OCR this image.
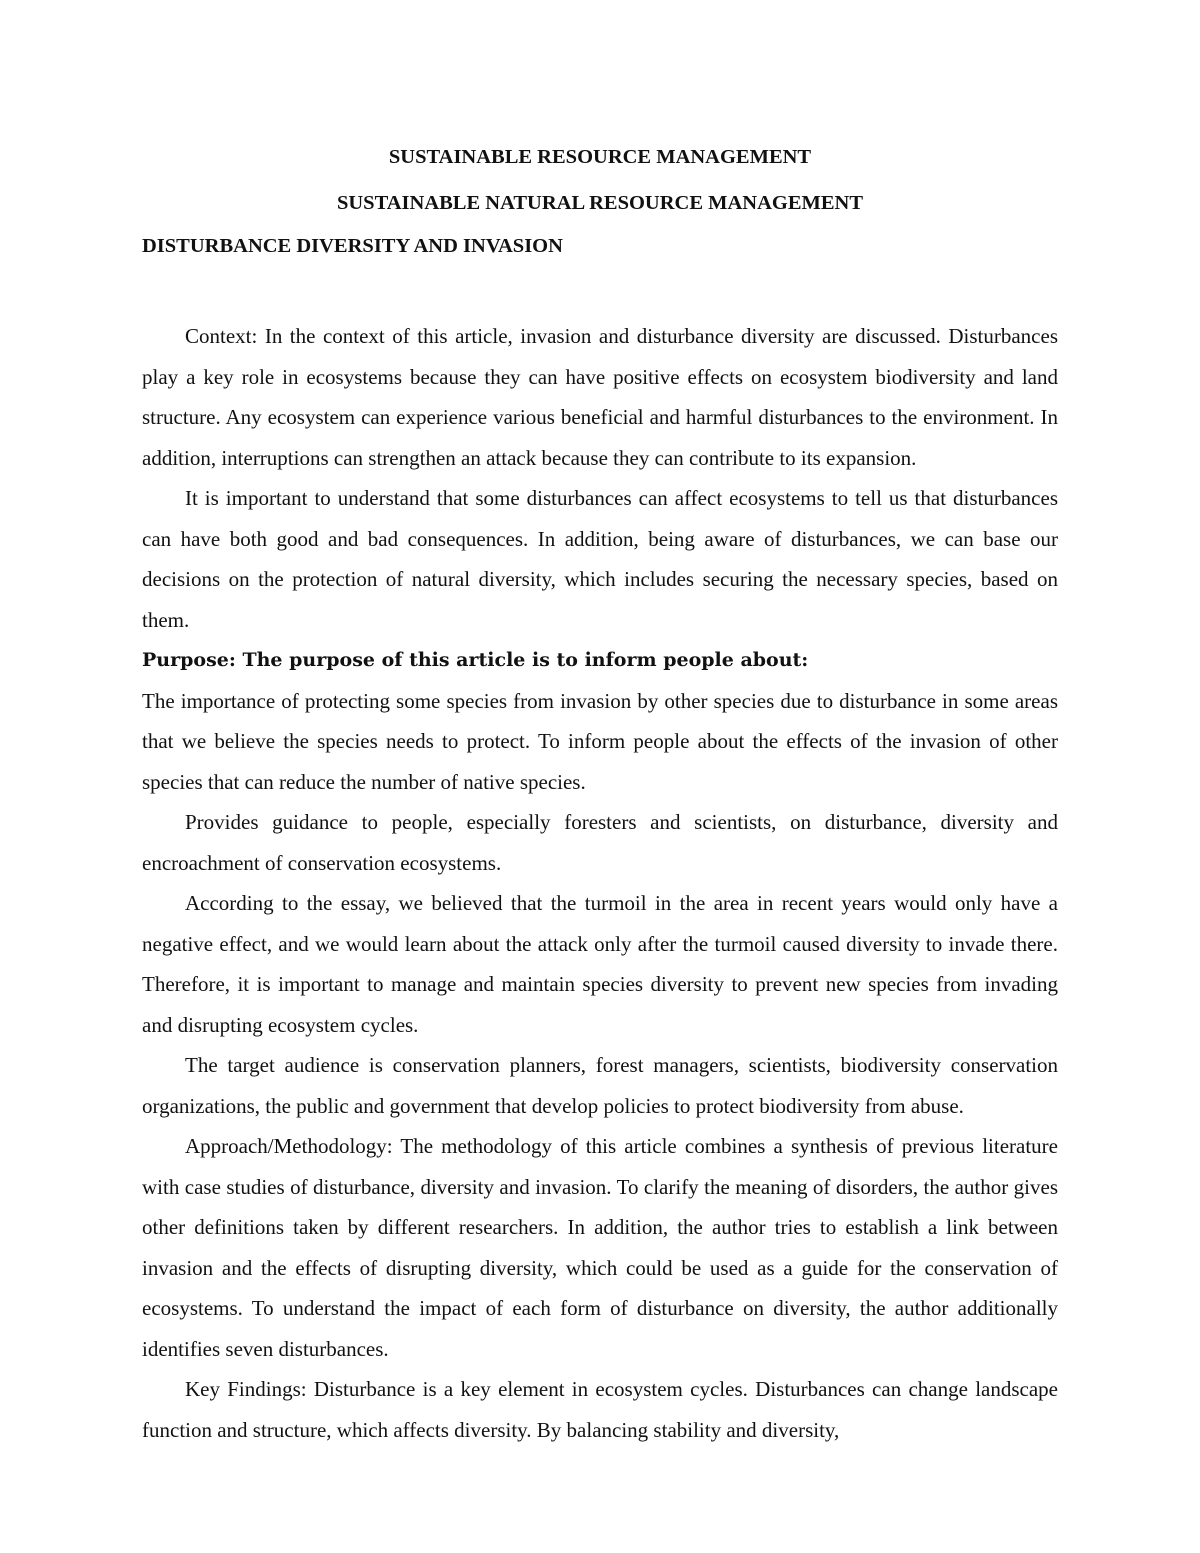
SUSTAINABLE RESOURCE MANAGEMENT
SUSTAINABLE NATURAL RESOURCE MANAGEMENT
DISTURBANCE DIVERSITY AND INVASION

Context: In the context of this article, invasion and disturbance diversity are discussed. Disturbances play a key role in ecosystems because they can have positive effects on ecosystem biodiversity and land structure. Any ecosystem can experience various beneficial and harmful disturbances to the environment. In addition, interruptions can strengthen an attack because they can contribute to its expansion.

It is important to understand that some disturbances can affect ecosystems to tell us that disturbances can have both good and bad consequences. In addition, being aware of disturbances, we can base our decisions on the protection of natural diversity, which includes securing the necessary species, based on them.

Purpose: The purpose of this article is to inform people about:

The importance of protecting some species from invasion by other species due to disturbance in some areas that we believe the species needs to protect. To inform people about the effects of the invasion of other species that can reduce the number of native species.

Provides guidance to people, especially foresters and scientists, on disturbance, diversity and encroachment of conservation ecosystems.

According to the essay, we believed that the turmoil in the area in recent years would only have a negative effect, and we would learn about the attack only after the turmoil caused diversity to invade there. Therefore, it is important to manage and maintain species diversity to prevent new species from invading and disrupting ecosystem cycles.

The target audience is conservation planners, forest managers, scientists, biodiversity conservation organizations, the public and government that develop policies to protect biodiversity from abuse.

Approach/Methodology: The methodology of this article combines a synthesis of previous literature with case studies of disturbance, diversity and invasion. To clarify the meaning of disorders, the author gives other definitions taken by different researchers. In addition, the author tries to establish a link between invasion and the effects of disrupting diversity, which could be used as a guide for the conservation of ecosystems. To understand the impact of each form of disturbance on diversity, the author additionally identifies seven disturbances.

Key Findings: Disturbance is a key element in ecosystem cycles. Disturbances can change landscape function and structure, which affects diversity. By balancing stability and diversity,
